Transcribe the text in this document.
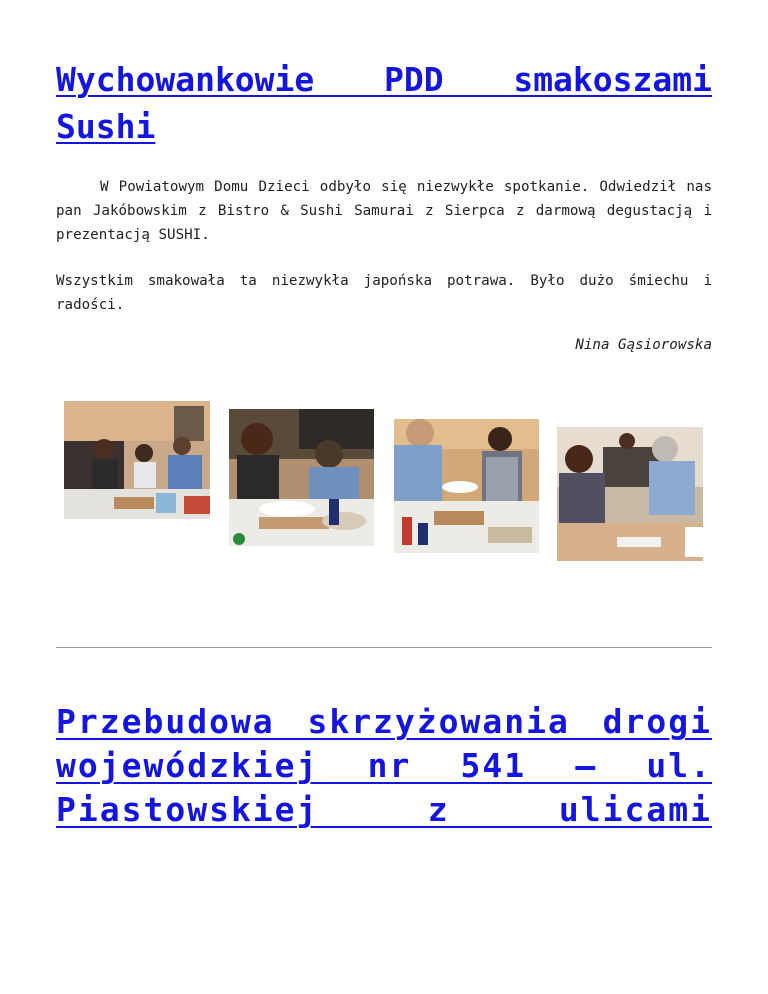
Wychowankowie PDD smakoszami Sushi

W Powiatowym Domu Dzieci odbyło się niezwykłe spotkanie. Odwiedził nas pan Jakóbowskim z Bistro & Sushi Samurai z Sierpca z darmową degustacją i prezentacją SUSHI.

Wszystkim smakowała ta niezwykła japońska potrawa. Było dużo śmiechu i radości.

Nina Gąsiorowska
Przebudowa skrzyżowania drogi
wojewódzkiej nr 541 – ul.
Piastowskiej z ulicami
